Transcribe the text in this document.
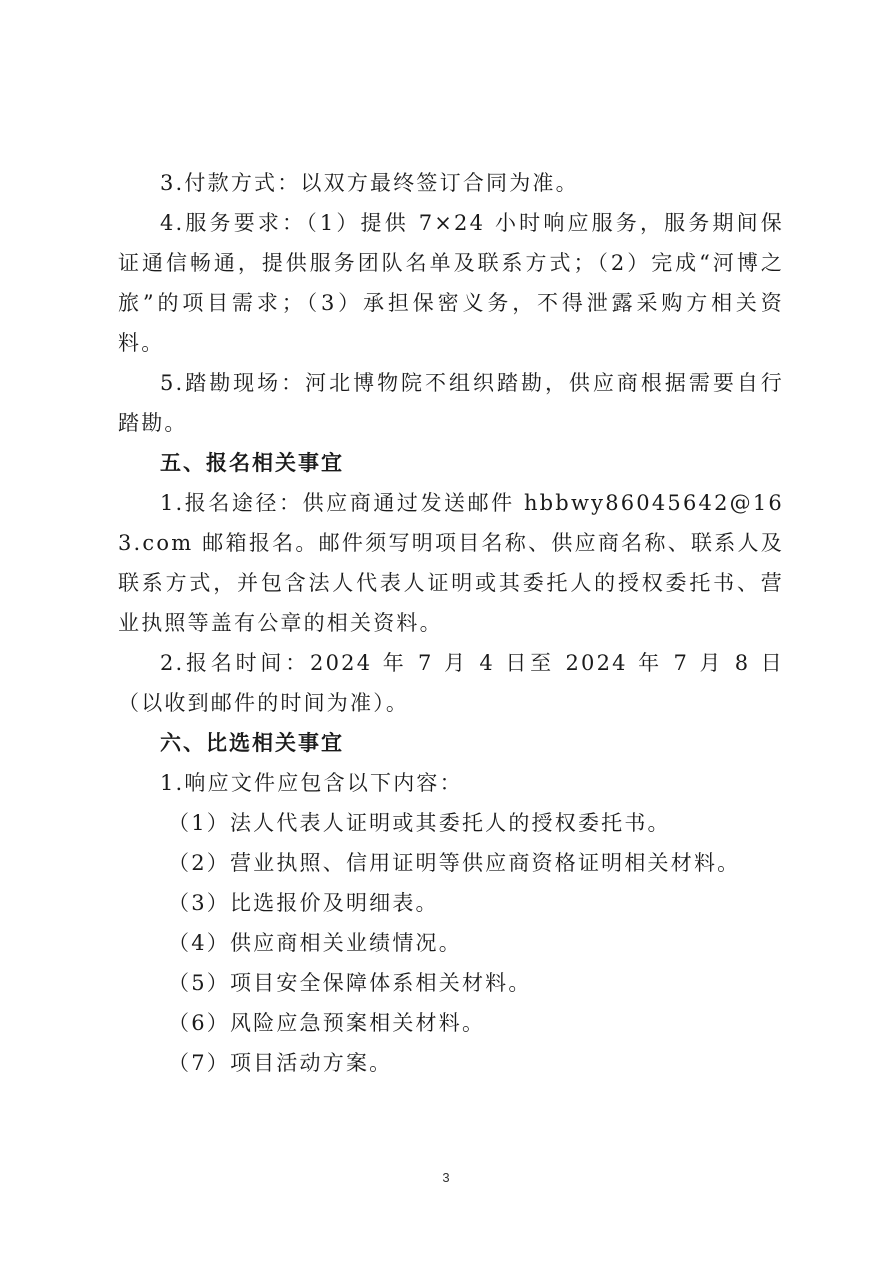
3.付款方式：以双方最终签订合同为准。

4.服务要求：（1）提供 7×24 小时响应服务，服务期间保证通信畅通，提供服务团队名单及联系方式；（2）完成“河博之旅”的项目需求；（3）承担保密义务，不得泄露采购方相关资料。

5.踏勘现场：河北博物院不组织踏勘，供应商根据需要自行踏勘。

五、报名相关事宜

1.报名途径：供应商通过发送邮件 hbbwy86045642@163.com 邮箱报名。邮件须写明项目名称、供应商名称、联系人及联系方式，并包含法人代表人证明或其委托人的授权委托书、营业执照等盖有公章的相关资料。

2.报名时间：2024 年 7 月 4 日至 2024 年 7 月 8 日（以收到邮件的时间为准）。

六、比选相关事宜

1.响应文件应包含以下内容：

（1）法人代表人证明或其委托人的授权委托书。

（2）营业执照、信用证明等供应商资格证明相关材料。

（3）比选报价及明细表。

（4）供应商相关业绩情况。

（5）项目安全保障体系相关材料。

（6）风险应急预案相关材料。

（7）项目活动方案。

3
